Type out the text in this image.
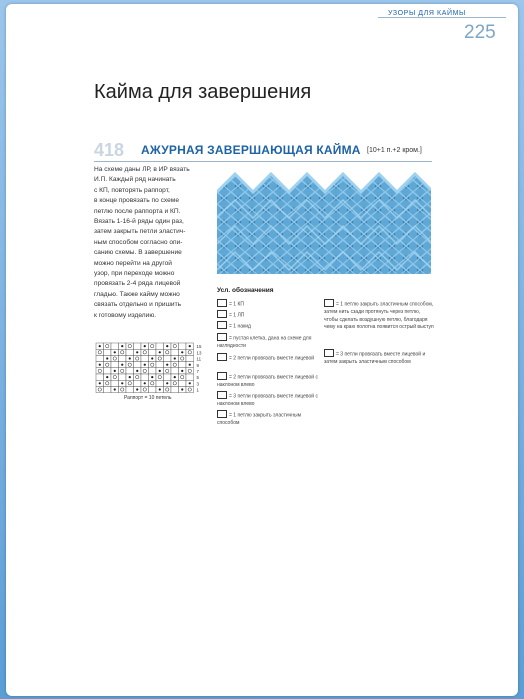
УЗОРЫ ДЛЯ КАЙМЫ
225
Кайма для завершения
418 АЖУРНАЯ ЗАВЕРШАЮЩАЯ КАЙМА [10+1 п.+2 кром.]
На схеме даны ЛР, в ИР вязать
И.П. Каждый ряд начинать
с КП, повторять раппорт,
в конце провязать по схеме
петлю после раппорта и КП.
Вязать 1-16-й ряды один раз,
затем закрыть петли эластич-
ным способом согласно опи-
санию схемы. В завершение
можно перейти на другой
узор, при переходе можно
провязать 2-4 ряда лицевой
гладью. Также кайму можно
связать отдельно и пришить
к готовому изделию.
15
13
11
9
7
5
3
1
Раппорт = 10 петель
Усл. обозначения
= 1 КП
= 1 ЛП
= 1 накид
= пустая клетка, дана на схеме для наглядности
= 2 петли провязать вместе лицевой
= 2 петли провязать вместе лицевой с наклоном влево
= 3 петли провязать вместе лицевой с наклоном влево
= 1 петлю закрыть эластичным способом
= 1 петлю закрыть эластичным способом, затем нить сзади протянуть через петлю, чтобы сделать воздушную петлю, благодаря чему на краю полотна появится острый выступ
= 3 петли провязать вместе лицевой и затем закрыть эластичным способом
